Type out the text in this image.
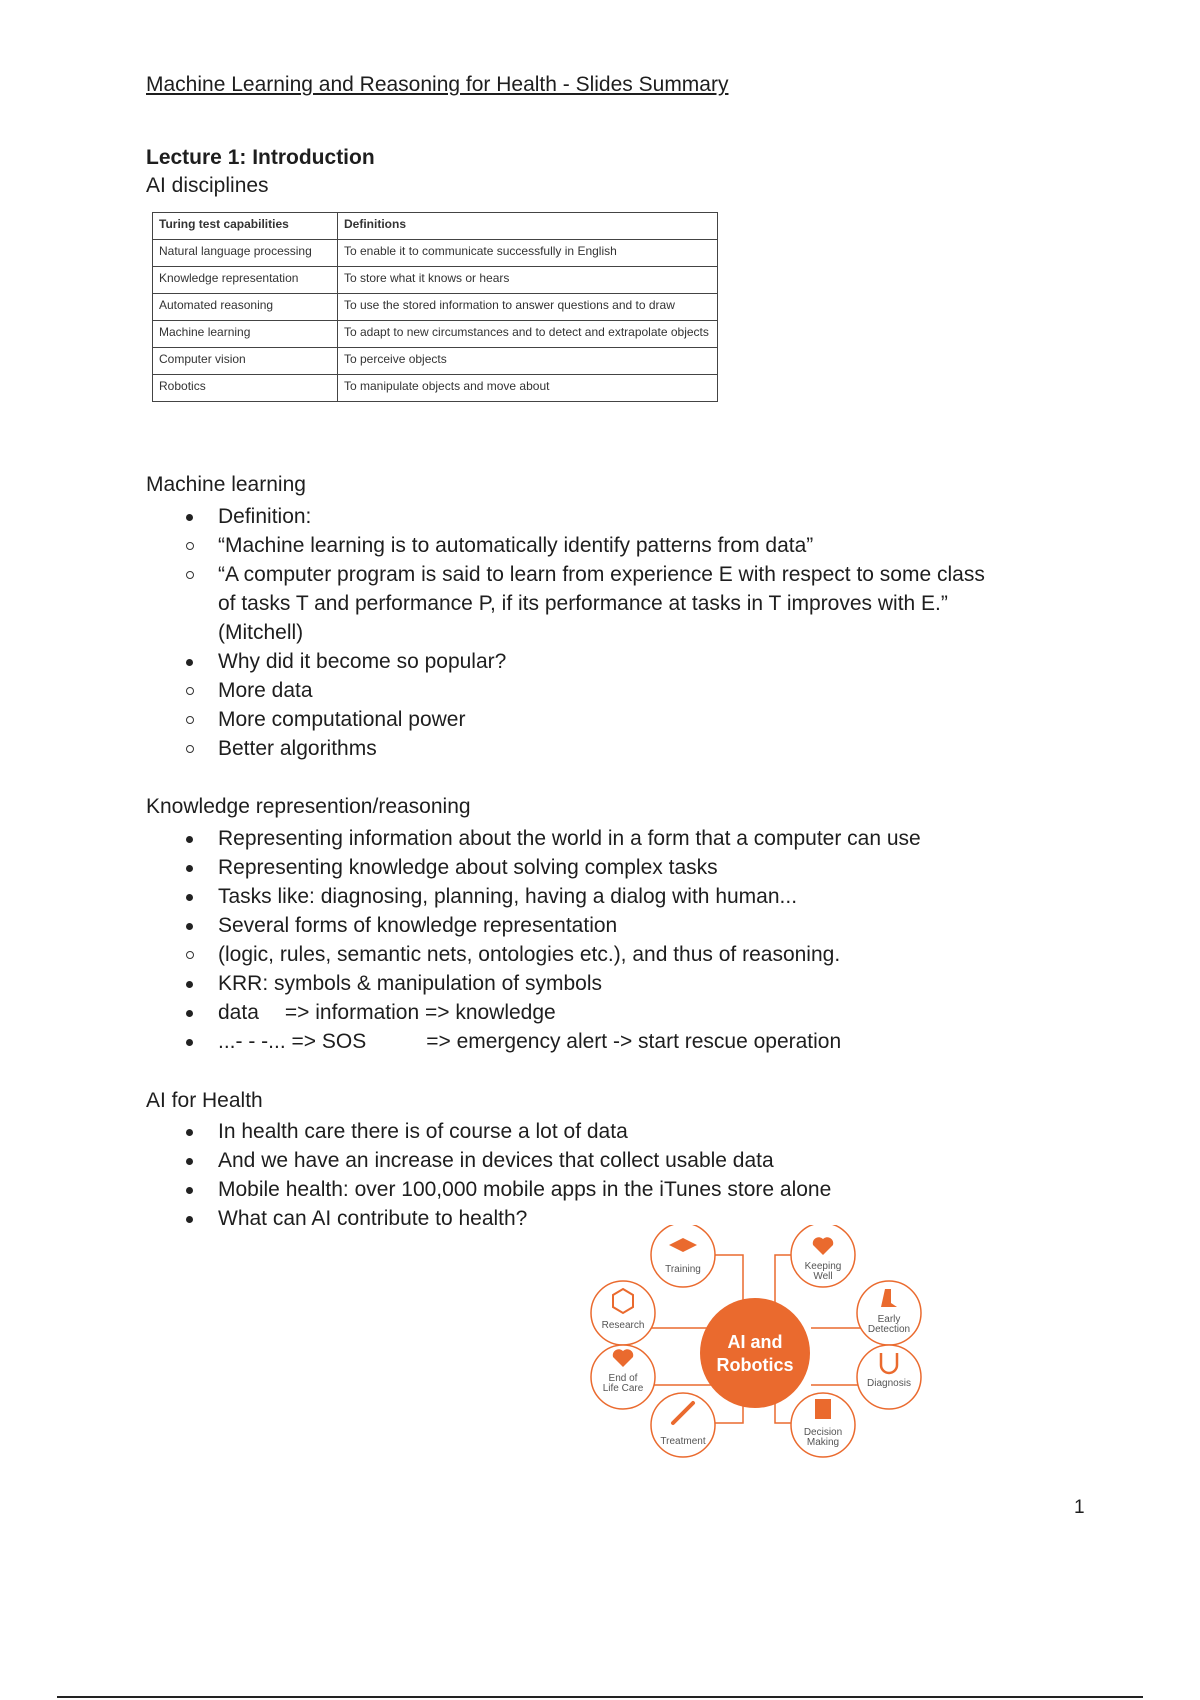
Machine Learning and Reasoning for Health - Slides Summary
Lecture 1: Introduction
AI disciplines
Turing test capabilities	Definitions
Natural language processing	To enable it to communicate successfully in English
Knowledge representation	To store what it knows or hears
Automated reasoning	To use the stored information to answer questions and to draw
Machine learning	To adapt to new circumstances and to detect and extrapolate objects
Computer vision	To perceive objects
Robotics	To manipulate objects and move about
Machine learning
Definition:
“Machine learning is to automatically identify patterns from data”
“A computer program is said to learn from experience E with respect to some class of tasks T and performance P, if its performance at tasks in T improves with E.” (Mitchell)
Why did it become so popular?
More data
More computational power
Better algorithms
Knowledge represention/reasoning
Representing information about the world in a form that a computer can use
Representing knowledge about solving complex tasks
Tasks like: diagnosing, planning, having a dialog with human...
Several forms of knowledge representation
(logic, rules, semantic nets, ontologies etc.), and thus of reasoning.
KRR: symbols & manipulation of symbols
data => information => knowledge
...- - -... => SOS	=> emergency alert -> start rescue operation
AI for Health
In health care there is of course a lot of data
And we have an increase in devices that collect usable data
Mobile health: over 100,000 mobile apps in the iTunes store alone
What can AI contribute to health?
AI and
Robotics
Training	Keeping
Well
Research
Early
Detection
End of
Life Care	Diagnosis
Treatment
Decision
Making
1
